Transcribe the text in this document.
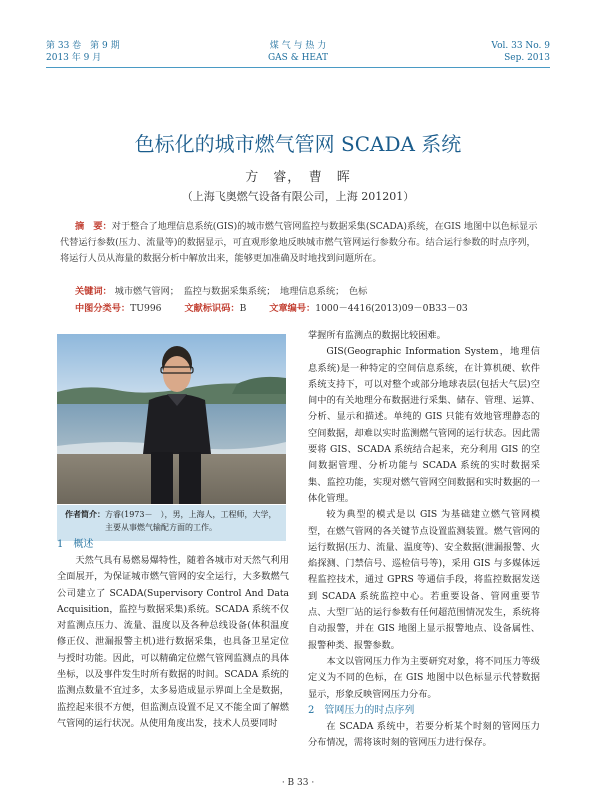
第 33 卷　第 9 期
2013 年 9 月
煤 气 与 热 力
GAS & HEAT
Vol. 33 No. 9
Sep. 2013
色标化的城市燃气管网 SCADA 系统
方　睿，　曹　晖
（上海飞奥燃气设备有限公司，上海 201201）
摘　要：对于整合了地理信息系统(GIS)的城市燃气管网监控与数据采集(SCADA)系统，在GIS 地图中以色标显示代替运行参数(压力、流量等)的数据显示，可直观形象地反映城市燃气管网运行参数分布。结合运行参数的时点序列，将运行人员从海量的数据分析中解放出来，能够更加准确及时地找到问题所在。
关键词： 城市燃气管网；　监控与数据采集系统；　地理信息系统；　色标
中图分类号：TU996 文献标识码：B 文章编号：1000－4416(2013)09－0B33－03
作者简介：方睿(1973－　），男，上海人，工程师，大学，
主要从事燃气输配方面的工作。
1　概述

天然气具有易燃易爆特性，随着各城市对天然气利用全面展开，为保证城市燃气管网的安全运行，大多数燃气公司建立了 SCADA(Supervisory Control And Data Acquisition，监控与数据采集)系统。SCADA 系统不仅对监测点压力、流量、温度以及各种总线设备(体积温度修正仪、泄漏报警主机)进行数据采集，也具备卫星定位与授时功能。因此，可以精确定位燃气管网监测点的具体坐标，以及事件发生时所有数据的时间。SCADA 系统的监测点数量不宜过多，太多易造成显示界面上全是数据，监控起来很不方便，但监测点设置不足又不能全面了解燃气管网的运行状况。从使用角度出发，技术人员要同时

掌握所有监测点的数据比较困难。

GIS(Geographic Information System，地理信息系统)是一种特定的空间信息系统，在计算机硬、软件系统支持下，可以对整个或部分地球表层(包括大气层)空间中的有关地理分布数据进行采集、储存、管理、运算、分析、显示和描述。单纯的 GIS 只能有效地管理静态的空间数据，却难以实时监测燃气管网的运行状态。因此需要将 GIS、SCADA 系统结合起来，充分利用 GIS 的空间数据管理、分析功能与 SCADA 系统的实时数据采集、监控功能，实现对燃气管网空间数据和实时数据的一体化管理。

较为典型的模式是以 GIS 为基础建立燃气管网模型，在燃气管网的各关键节点设置监测装置。燃气管网的运行数据(压力、流量、温度等)、安全数据(泄漏报警、火焰探测、门禁信号、巡检信号等)，采用 GIS 与多媒体远程监控技术，通过 GPRS 等通信手段，将监控数据发送到 SCADA 系统监控中心。若重要设备、管网重要节点、大型厂站的运行参数有任何超范围情况发生，系统将自动报警，并在 GIS 地图上显示报警地点、设备属性、报警种类、报警参数。

本文以管网压力作为主要研究对象，将不同压力等级定义为不同的色标，在 GIS 地图中以色标显示代替数据显示，形象反映管网压力分布。

2　管网压力的时点序列

在 SCADA 系统中，若要分析某个时刻的管网压力分布情况，需将该时刻的管网压力进行保存。

· B 33 ·
